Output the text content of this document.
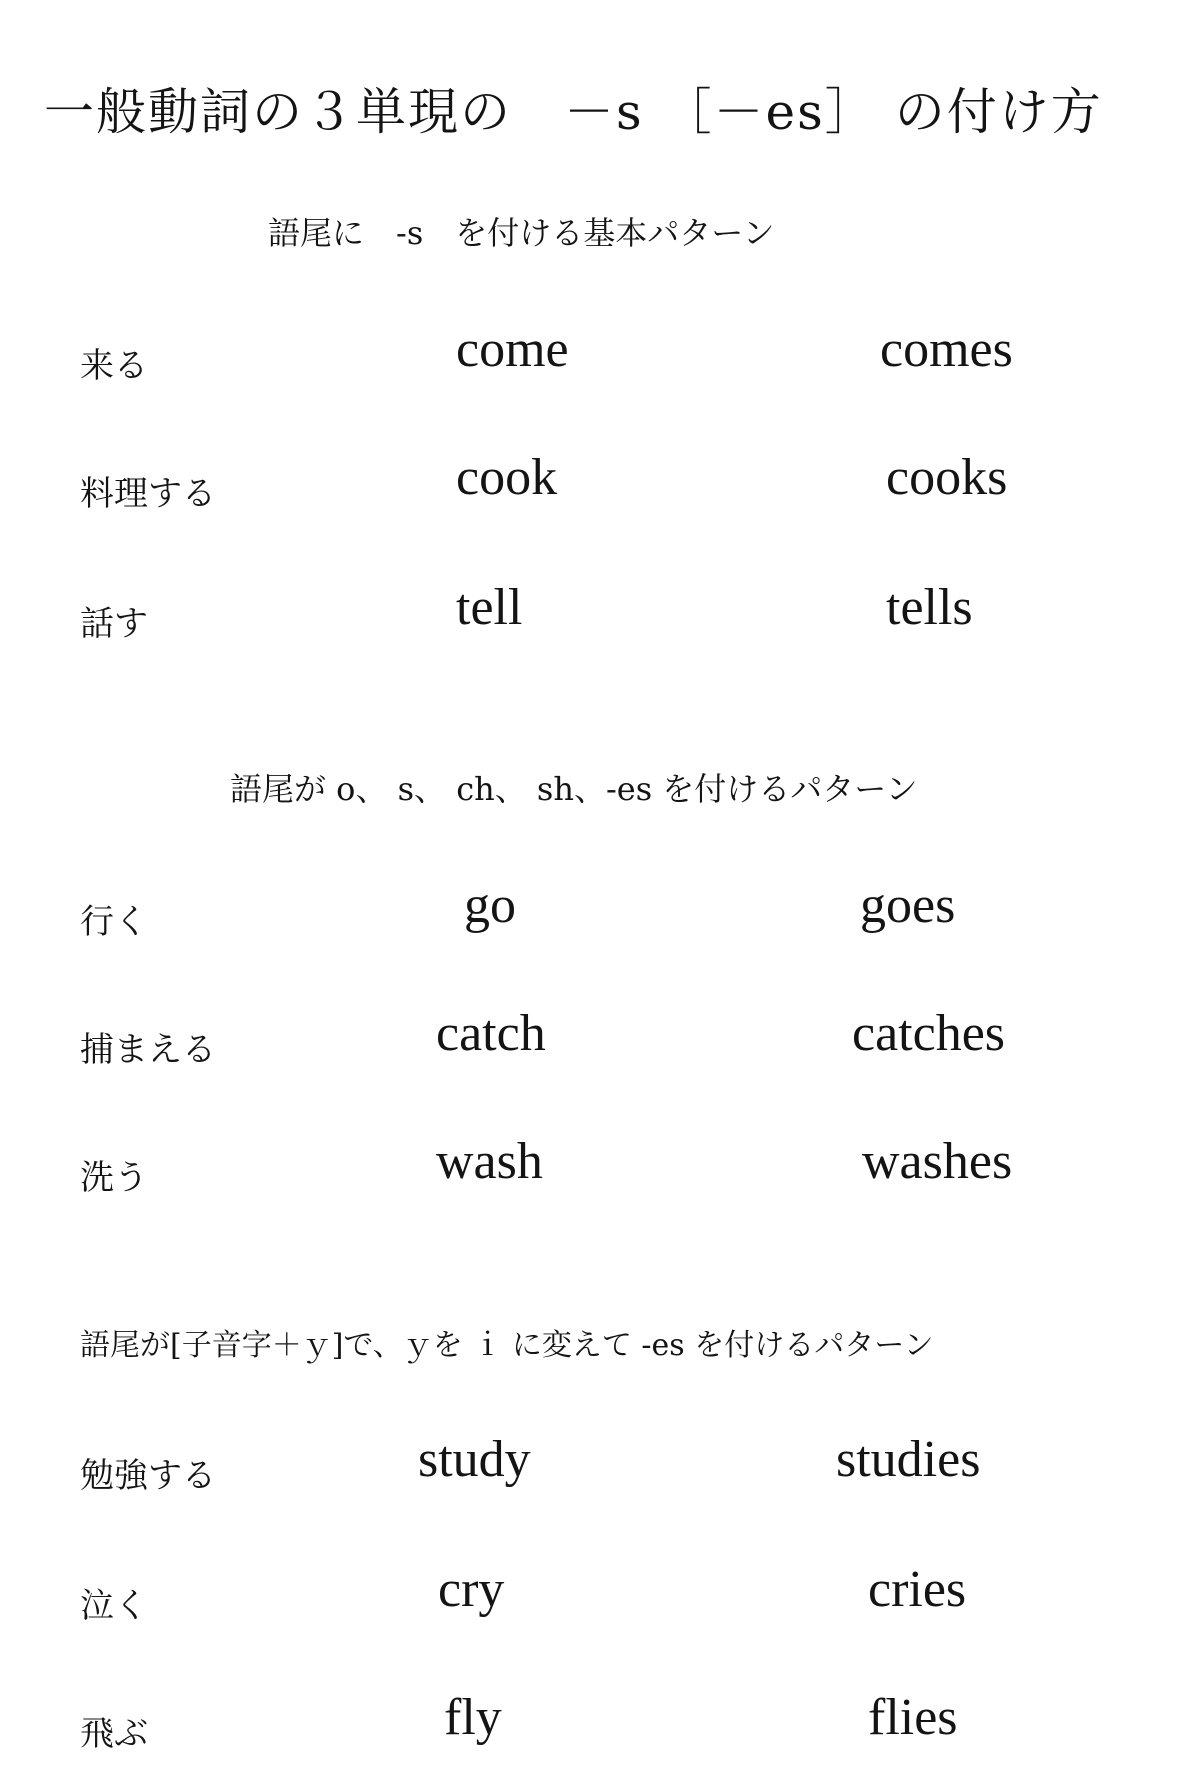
一般動詞の３単現の　－s ［－es］ の付け方
語尾に　-s　を付ける基本パターン
来る	come	comes
料理する	cook	cooks
話す	tell	tells
語尾が o、 s、 ch、 sh、-es を付けるパターン
行く	go	goes
捕まえる	catch	catches
洗う	wash	washes
語尾が[子音字＋ｙ]で、ｙを ｉ に変えて -es を付けるパターン
勉強する	study	studies
泣く	cry	cries
飛ぶ	fly	flies
